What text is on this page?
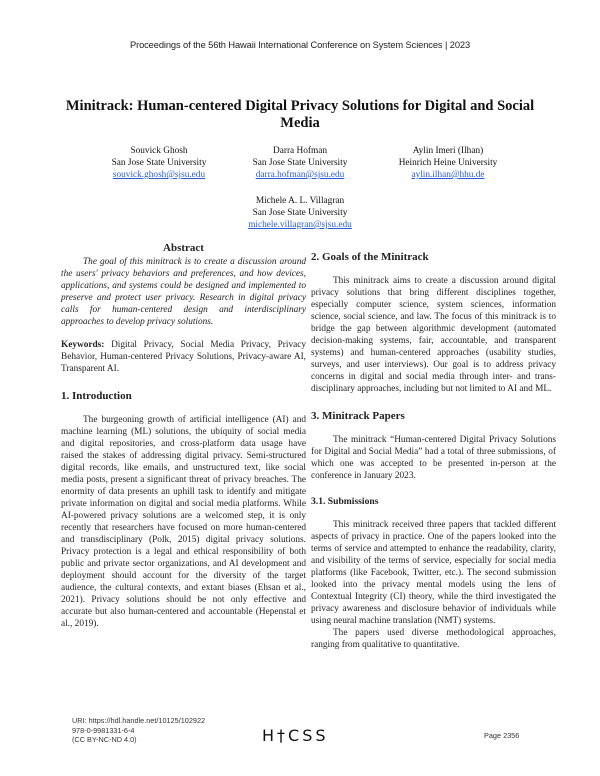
Proceedings of the 56th Hawaii International Conference on System Sciences | 2023
Minitrack: Human-centered Digital Privacy Solutions for Digital and Social
Media
Souvick Ghosh
San Jose State University
souvick.ghosh@sjsu.edu
Darra Hofman
San Jose State University
darra.hofman@sjsu.edu
Aylin Imeri (Ilhan)
Heinrich Heine University
aylin.ilhan@hhu.de
Michele A. L. Villagran
San Jose State University
michele.villagran@sjsu.edu
Abstract

The goal of this minitrack is to create a discussion around the users' privacy behaviors and preferences, and how devices, applications, and systems could be designed and implemented to preserve and protect user privacy. Research in digital privacy calls for human-centered design and interdisciplinary approaches to develop privacy solutions.

Keywords: Digital Privacy, Social Media Privacy, Privacy Behavior, Human-centered Privacy Solutions, Privacy-aware AI, Transparent AI.

1. Introduction

The burgeoning growth of artificial intelligence (AI) and machine learning (ML) solutions, the ubiquity of social media and digital repositories, and cross-platform data usage have raised the stakes of addressing digital privacy. Semi-structured digital records, like emails, and unstructured text, like social media posts, present a significant threat of privacy breaches. The enormity of data presents an uphill task to identify and mitigate private information on digital and social media platforms. While AI-powered privacy solutions are a welcomed step, it is only recently that researchers have focused on more human-centered and transdisciplinary (Polk, 2015) digital privacy solutions. Privacy protection is a legal and ethical responsibility of both public and private sector organizations, and AI development and deployment should account for the diversity of the target audience, the cultural contexts, and extant biases (Ehsan et al., 2021). Privacy solutions should be not only effective and accurate but also human-centered and accountable (Hepenstal et al., 2019).

2. Goals of the Minitrack

This minitrack aims to create a discussion around digital privacy solutions that bring different disciplines together, especially computer science, system sciences, information science, social science, and law. The focus of this minitrack is to bridge the gap between algorithmic development (automated decision-making systems, fair, accountable, and transparent systems) and human-centered approaches (usability studies, surveys, and user interviews). Our goal is to address privacy concerns in digital and social media through inter- and trans-disciplinary approaches, including but not limited to AI and ML.

3. Minitrack Papers

The minitrack “Human-centered Digital Privacy Solutions for Digital and Social Media” had a total of three submissions, of which one was accepted to be presented in-person at the conference in January 2023.

3.1. Submissions

This minitrack received three papers that tackled different aspects of privacy in practice. One of the papers looked into the terms of service and attempted to enhance the readability, clarity, and visibility of the terms of service, especially for social media platforms (like Facebook, Twitter, etc.). The second submission looked into the privacy mental models using the lens of Contextual Integrity (CI) theory, while the third investigated the privacy awareness and disclosure behavior of individuals while using neural machine translation (NMT) systems.

The papers used diverse methodological approaches, ranging from qualitative to quantitative.

URI: https://hdl.handle.net/10125/102922
978-0-9981331-6-4
(CC BY-NC-ND 4.0)	H†CSS	Page 2356
